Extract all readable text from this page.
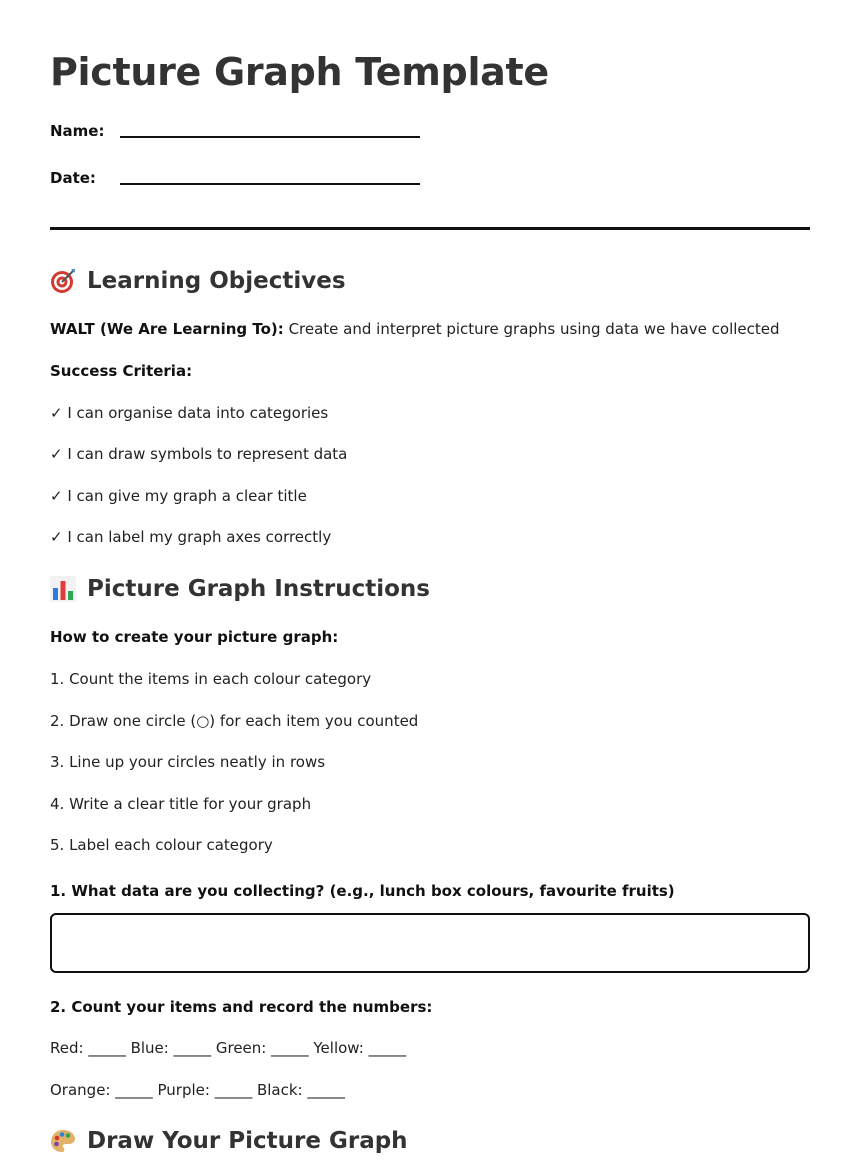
Picture Graph Template
Name:
Date:
Learning Objectives
WALT (We Are Learning To): Create and interpret picture graphs using data we have collected
Success Criteria:
✓ I can organise data into categories
✓ I can draw symbols to represent data
✓ I can give my graph a clear title
✓ I can label my graph axes correctly
Picture Graph Instructions
How to create your picture graph:
1. Count the items in each colour category
2. Draw one circle (○) for each item you counted
3. Line up your circles neatly in rows
4. Write a clear title for your graph
5. Label each colour category
1. What data are you collecting? (e.g., lunch box colours, favourite fruits)
2. Count your items and record the numbers:
Red: _____ Blue: _____ Green: _____ Yellow: _____
Orange: _____ Purple: _____ Black: _____
Draw Your Picture Graph
